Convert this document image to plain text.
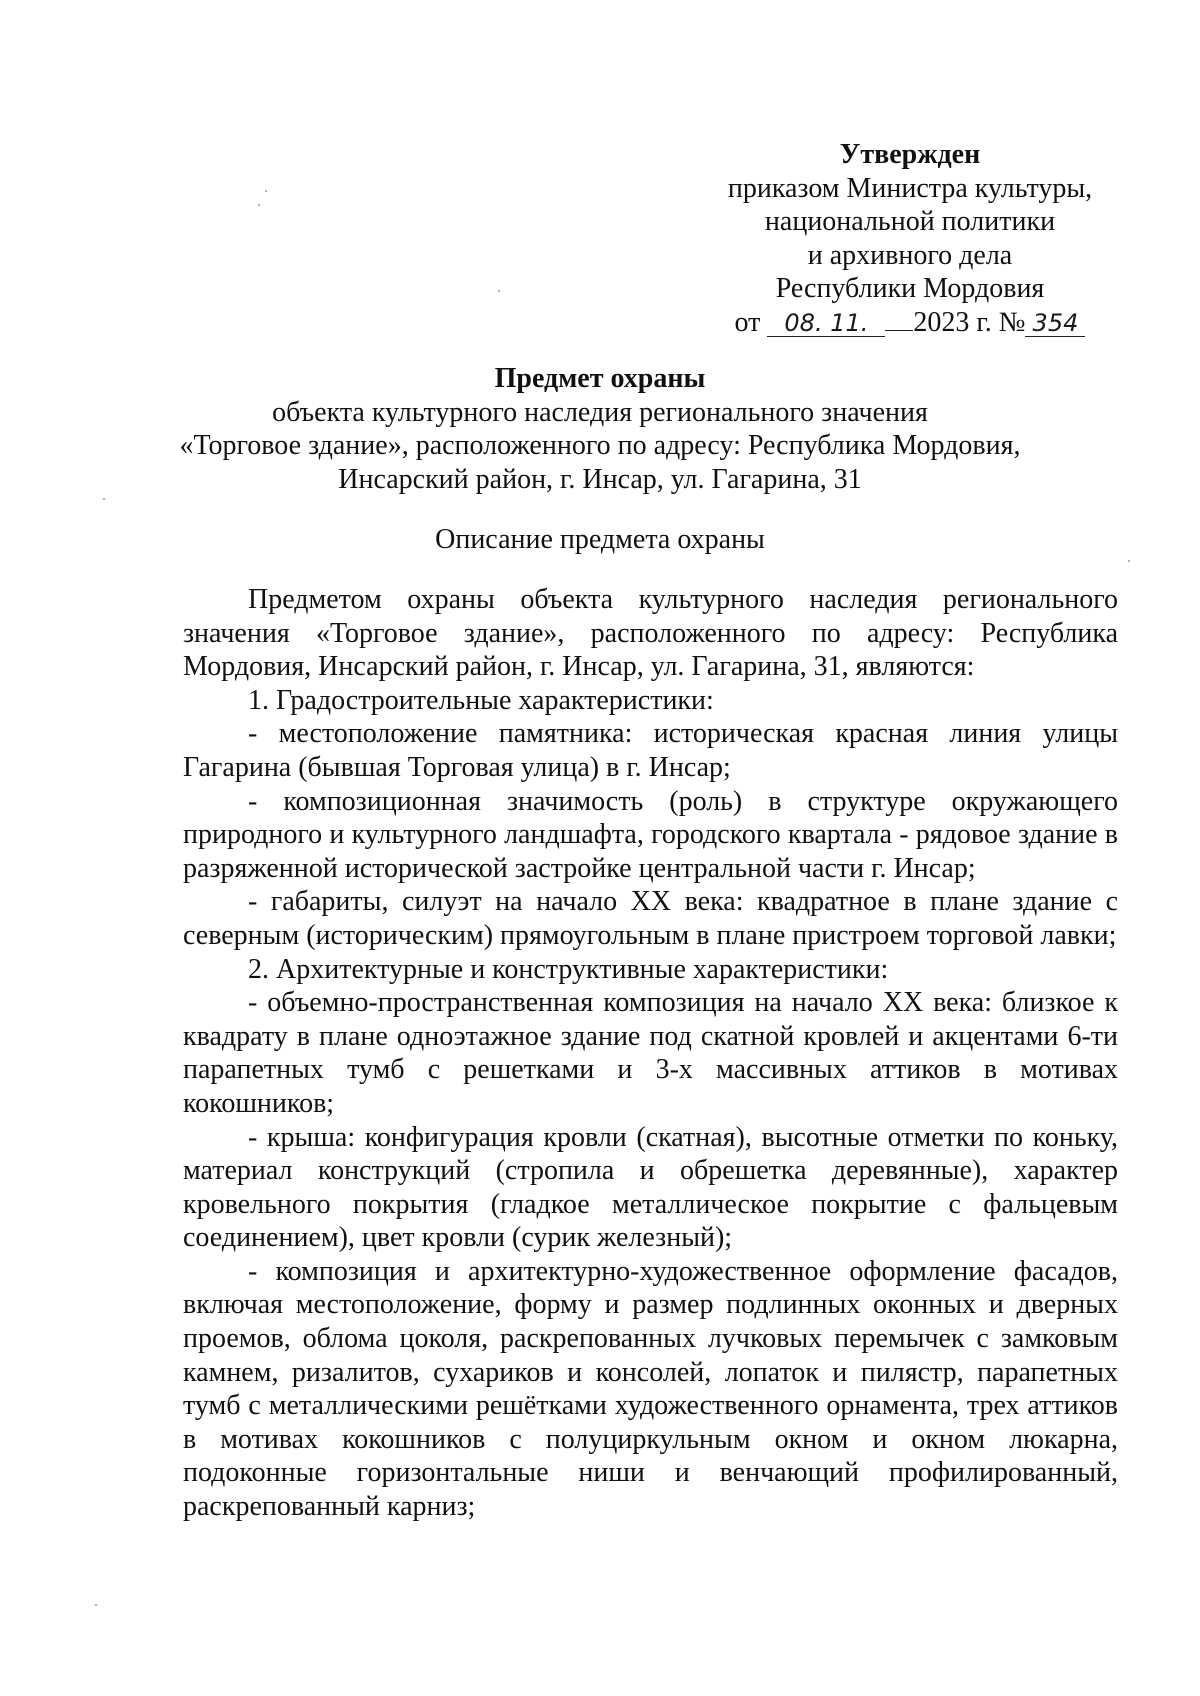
Утвержден
приказом Министра культуры,
национальной политики
и архивного дела
Республики Мордовия
от 08. 11. 2023 г. № 354
Предмет охраны
объекта культурного наследия регионального значения
«Торговое здание», расположенного по адресу: Республика Мордовия,
Инсарский район, г. Инсар, ул. Гагарина, 31
Описание предмета охраны

Предметом охраны объекта культурного наследия регионального значения «Торговое здание», расположенного по адресу: Республика Мордовия, Инсарский район, г. Инсар, ул. Гагарина, 31, являются:

1. Градостроительные характеристики:

- местоположение памятника: историческая красная линия улицы Гагарина (бывшая Торговая улица) в г. Инсар;

- композиционная значимость (роль) в структуре окружающего природного и культурного ландшафта, городского квартала - рядовое здание в разряженной исторической застройке центральной части г. Инсар;

- габариты, силуэт на начало XX века: квадратное в плане здание с северным (историческим) прямоугольным в плане пристроем торговой лавки;

2. Архитектурные и конструктивные характеристики:

- объемно-пространственная композиция на начало XX века: близкое к квадрату в плане одноэтажное здание под скатной кровлей и акцентами 6-ти парапетных тумб с решетками и 3-х массивных аттиков в мотивах кокошников;

- крыша: конфигурация кровли (скатная), высотные отметки по коньку, материал конструкций (стропила и обрешетка деревянные), характер кровельного покрытия (гладкое металлическое покрытие с фальцевым соединением), цвет кровли (сурик железный);

- композиция и архитектурно-художественное оформление фасадов, включая местоположение, форму и размер подлинных оконных и дверных проемов, облома цоколя, раскрепованных лучковых перемычек с замковым камнем, ризалитов, сухариков и консолей, лопаток и пилястр, парапетных тумб с металлическими решётками художественного орнамента, трех аттиков в мотивах кокошников с полуциркульным окном и окном люкарна, подоконные горизонтальные ниши и венчающий профилированный, раскрепованный карниз;
